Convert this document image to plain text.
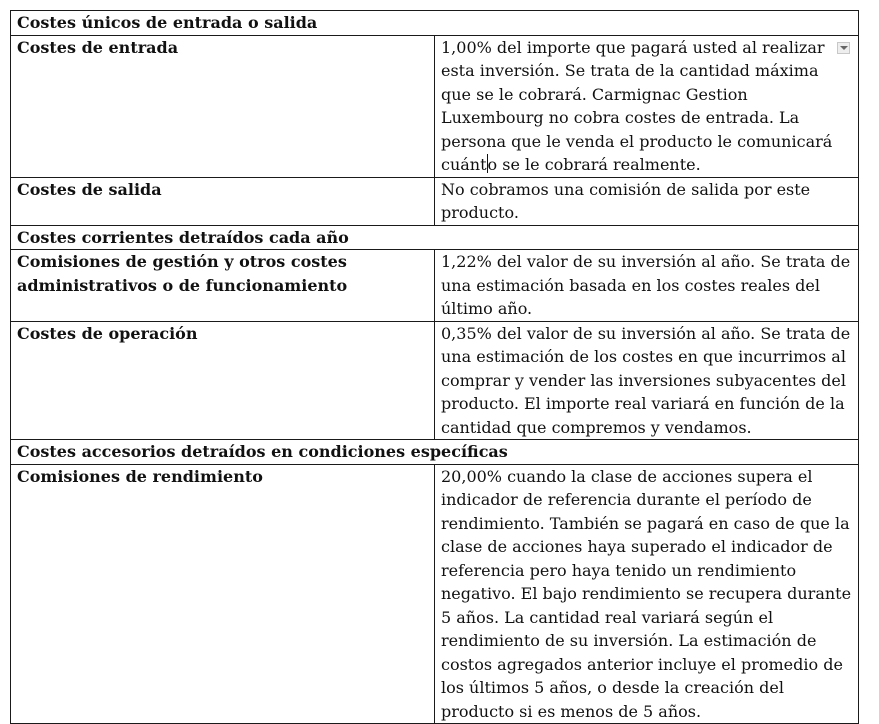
Costes únicos de entrada o salida	
Costes de entrada	1,00% del importe que pagará usted al realizar esta inversión. Se trata de la cantidad máxima que se le cobrará. Carmignac Gestion Luxembourg no cobra costes de entrada. La persona que le venda el producto le comunicará cuánto se le cobrará realmente.

Costes de salida	No cobramos una comisión de salida por este producto.
Costes corrientes detraídos cada año	
Comisiones de gestión y otros costes administrativos o de funcionamiento	1,22% del valor de su inversión al año. Se trata de una estimación basada en los costes reales del último año.
Costes de operación	0,35% del valor de su inversión al año. Se trata de una estimación de los costes en que incurrimos al comprar y vender las inversiones subyacentes del producto. El importe real variará en función de la cantidad que compremos y vendamos.
Costes accesorios detraídos en condiciones específicas	
Comisiones de rendimiento	20,00% cuando la clase de acciones supera el indicador de referencia durante el período de rendimiento. También se pagará en caso de que la clase de acciones haya superado el indicador de referencia pero haya tenido un rendimiento negativo. El bajo rendimiento se recupera durante 5 años. La cantidad real variará según el rendimiento de su inversión. La estimación de costos agregados anterior incluye el promedio de los últimos 5 años, o desde la creación del producto si es menos de 5 años.
